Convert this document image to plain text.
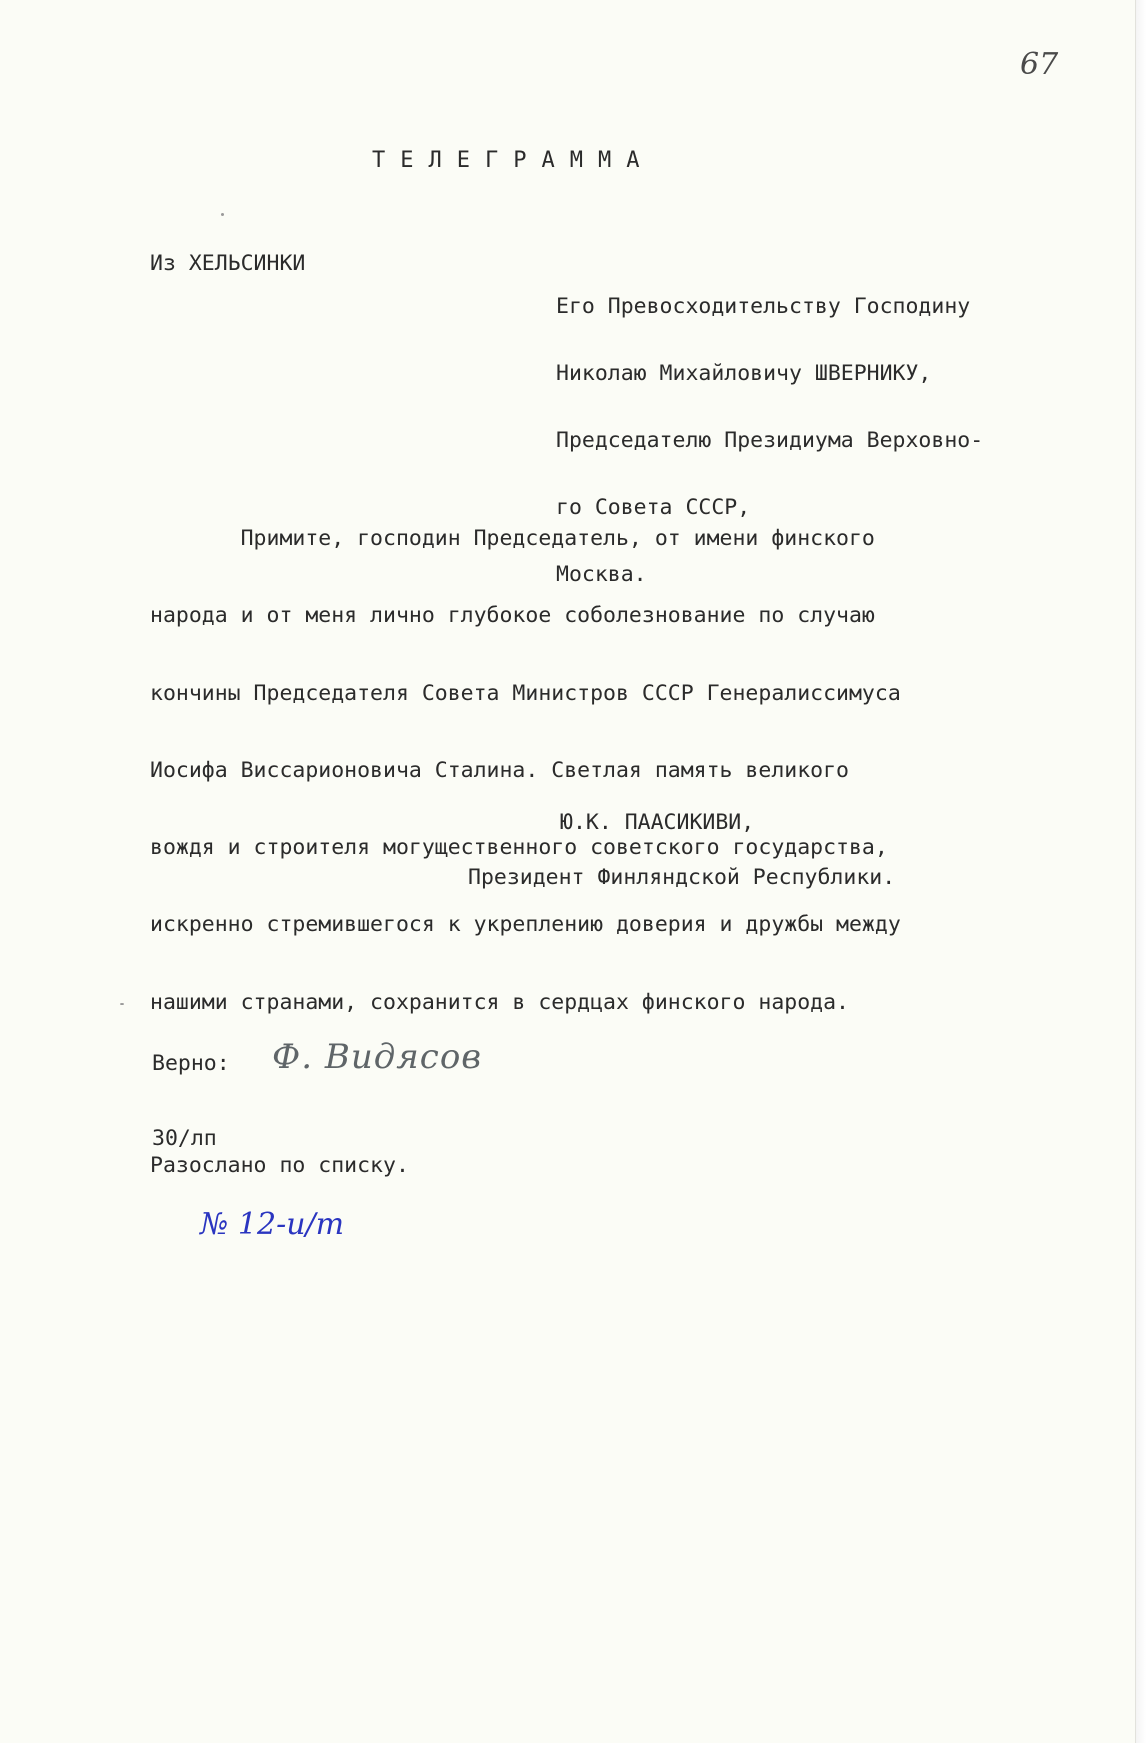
67
ТЕЛЕГРАММА
Из ХЕЛЬСИНКИ

Его Превосходительству Господину

Николаю Михайловичу ШВЕРНИКУ,

Председателю Президиума Верховно-

го Совета СССР,

Москва.

Примите, господин Председатель, от имени финского

народа и от меня лично глубокое соболезнование по случаю

кончины Председателя Совета Министров СССР Генералиссимуса

Иосифа Виссарионовича Сталина. Светлая память великого

вождя и строителя могущественного советского государства,

искренно стремившегося к укреплению доверия и дружбы между

нашими странами, сохранится в сердцах финского народа.

Ю.К. ПААСИКИВИ,
Президент Финляндской Республики.
Верно: Ф. Видясов
30/лп
Разослано по списку.
№ 12-и/т
